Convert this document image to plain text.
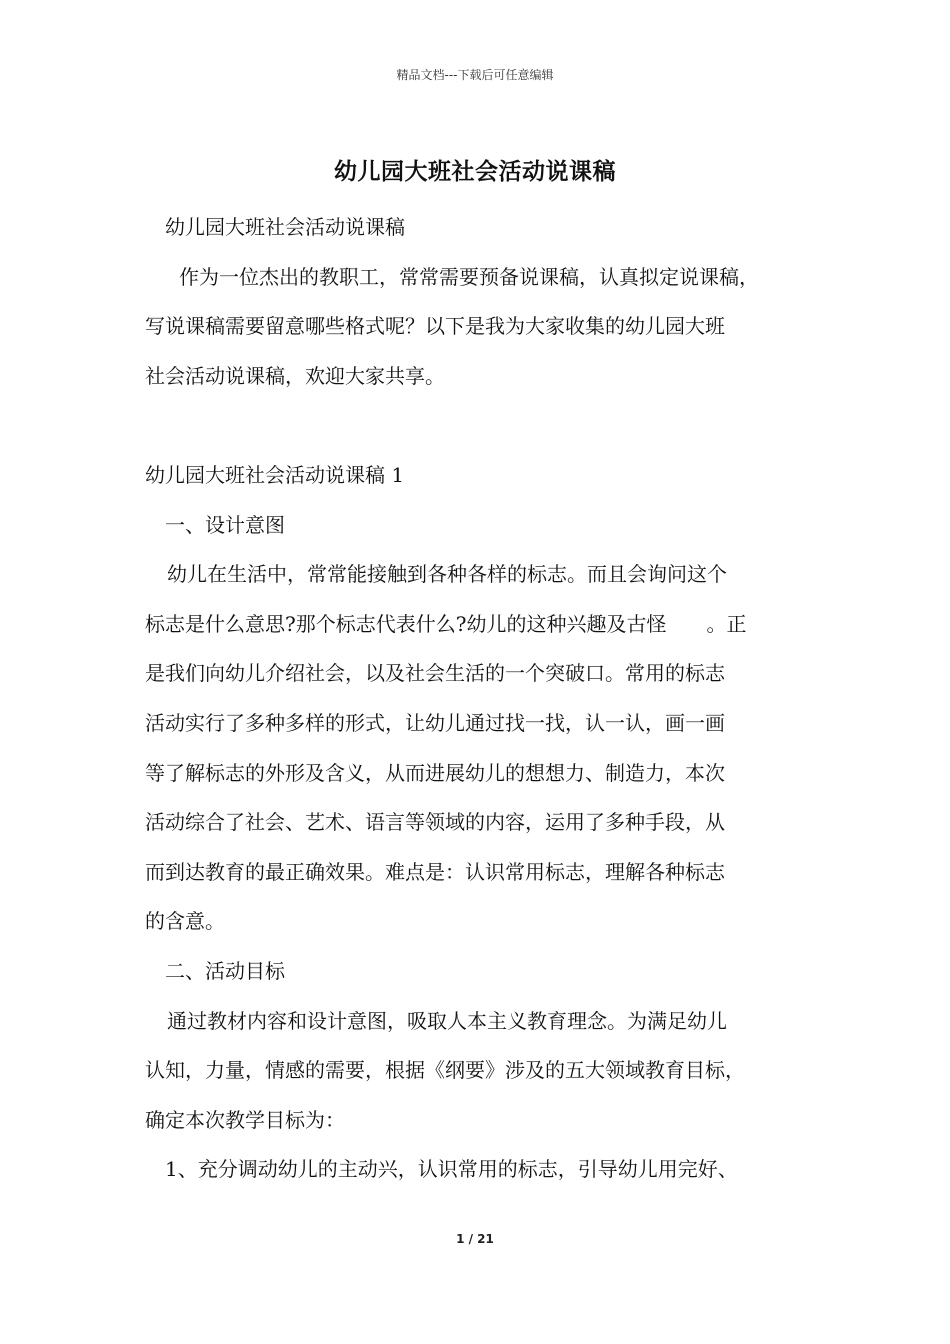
精品文档---下载后可任意编辑
幼儿园大班社会活动说课稿
幼儿园大班社会活动说课稿
作为一位杰出的教职工，常常需要预备说课稿，认真拟定说课稿，
写说课稿需要留意哪些格式呢？以下是我为大家收集的幼儿园大班
社会活动说课稿，欢迎大家共享。
幼儿园大班社会活动说课稿 1
一、设计意图
幼儿在生活中，常常能接触到各种各样的标志。而且会询问这个
标志是什么意思?那个标志代表什么?幼儿的这种兴趣及古怪　　。正
是我们向幼儿介绍社会，以及社会生活的一个突破口。常用的标志
活动实行了多种多样的形式，让幼儿通过找一找，认一认，画一画
等了解标志的外形及含义，从而进展幼儿的想想力、制造力，本次
活动综合了社会、艺术、语言等领域的内容，运用了多种手段，从
而到达教育的最正确效果。难点是：认识常用标志，理解各种标志
的含意。
二、活动目标
通过教材内容和设计意图，吸取人本主义教育理念。为满足幼儿
认知，力量，情感的需要，根据《纲要》涉及的五大领域教育目标，
确定本次教学目标为：
1、充分调动幼儿的主动兴，认识常用的标志，引导幼儿用完好、
1 / 21
